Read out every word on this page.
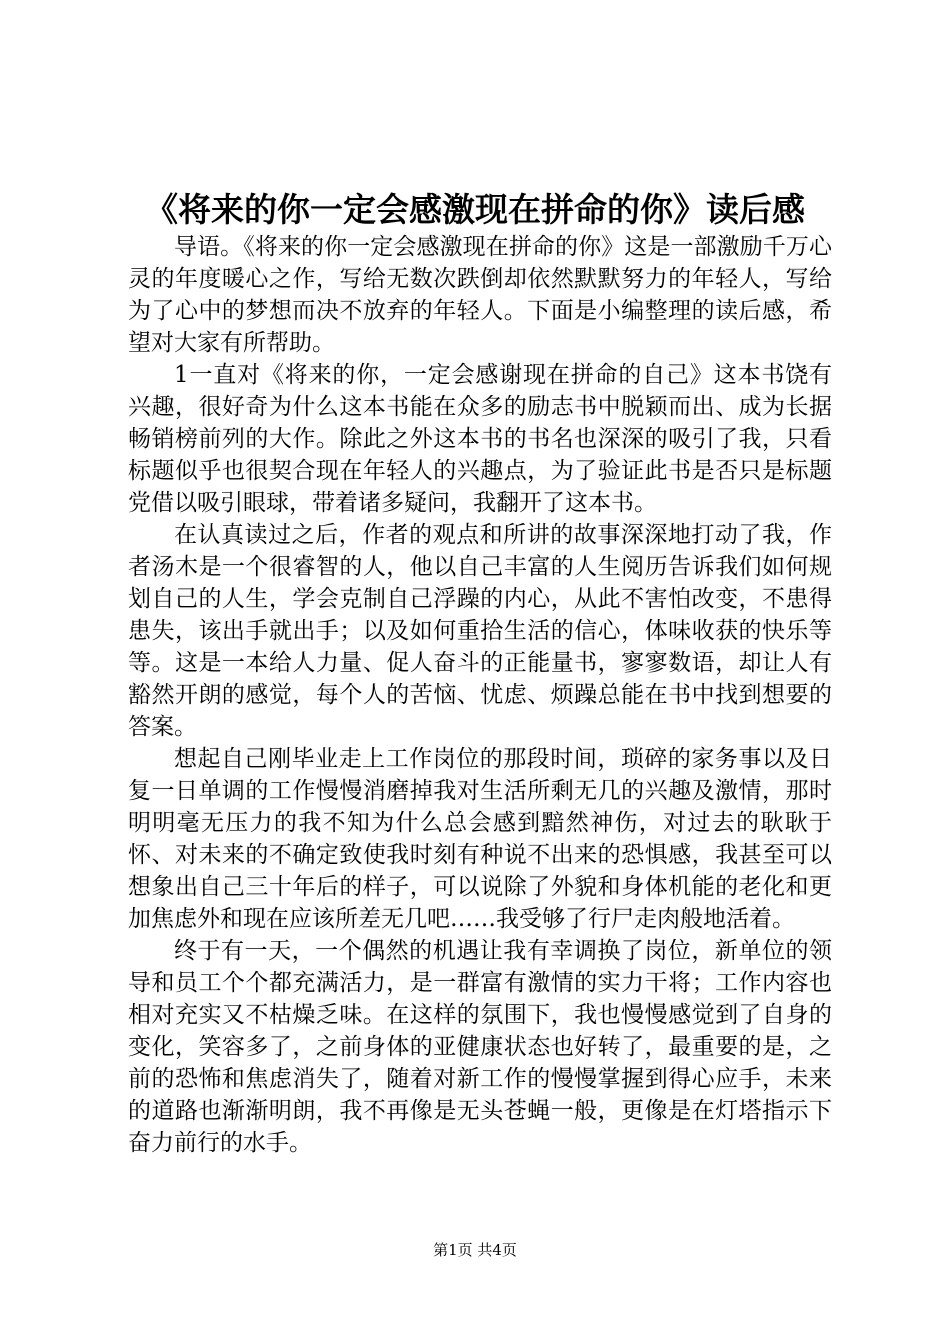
《将来的你一定会感激现在拼命的你》读后感

导语。《将来的你一定会感激现在拼命的你》这是一部激励千万心灵的年度暖心之作，写给无数次跌倒却依然默默努力的年轻人，写给为了心中的梦想而决不放弃的年轻人。下面是小编整理的读后感，希望对大家有所帮助。

1一直对《将来的你，一定会感谢现在拼命的自己》这本书饶有兴趣，很好奇为什么这本书能在众多的励志书中脱颖而出、成为长据畅销榜前列的大作。除此之外这本书的书名也深深的吸引了我，只看标题似乎也很契合现在年轻人的兴趣点，为了验证此书是否只是标题党借以吸引眼球，带着诸多疑问，我翻开了这本书。

在认真读过之后，作者的观点和所讲的故事深深地打动了我，作者汤木是一个很睿智的人，他以自己丰富的人生阅历告诉我们如何规划自己的人生，学会克制自己浮躁的内心，从此不害怕改变，不患得患失，该出手就出手；以及如何重拾生活的信心，体味收获的快乐等等。这是一本给人力量、促人奋斗的正能量书，寥寥数语，却让人有豁然开朗的感觉，每个人的苦恼、忧虑、烦躁总能在书中找到想要的答案。

想起自己刚毕业走上工作岗位的那段时间，琐碎的家务事以及日复一日单调的工作慢慢消磨掉我对生活所剩无几的兴趣及激情，那时明明毫无压力的我不知为什么总会感到黯然神伤，对过去的耿耿于怀、对未来的不确定致使我时刻有种说不出来的恐惧感，我甚至可以想象出自己三十年后的样子，可以说除了外貌和身体机能的老化和更加焦虑外和现在应该所差无几吧……我受够了行尸走肉般地活着。

终于有一天，一个偶然的机遇让我有幸调换了岗位，新单位的领导和员工个个都充满活力，是一群富有激情的实力干将；工作内容也相对充实又不枯燥乏味。在这样的氛围下，我也慢慢感觉到了自身的变化，笑容多了，之前身体的亚健康状态也好转了，最重要的是，之前的恐怖和焦虑消失了，随着对新工作的慢慢掌握到得心应手，未来的道路也渐渐明朗，我不再像是无头苍蝇一般，更像是在灯塔指示下奋力前行的水手。

第1页 共4页
